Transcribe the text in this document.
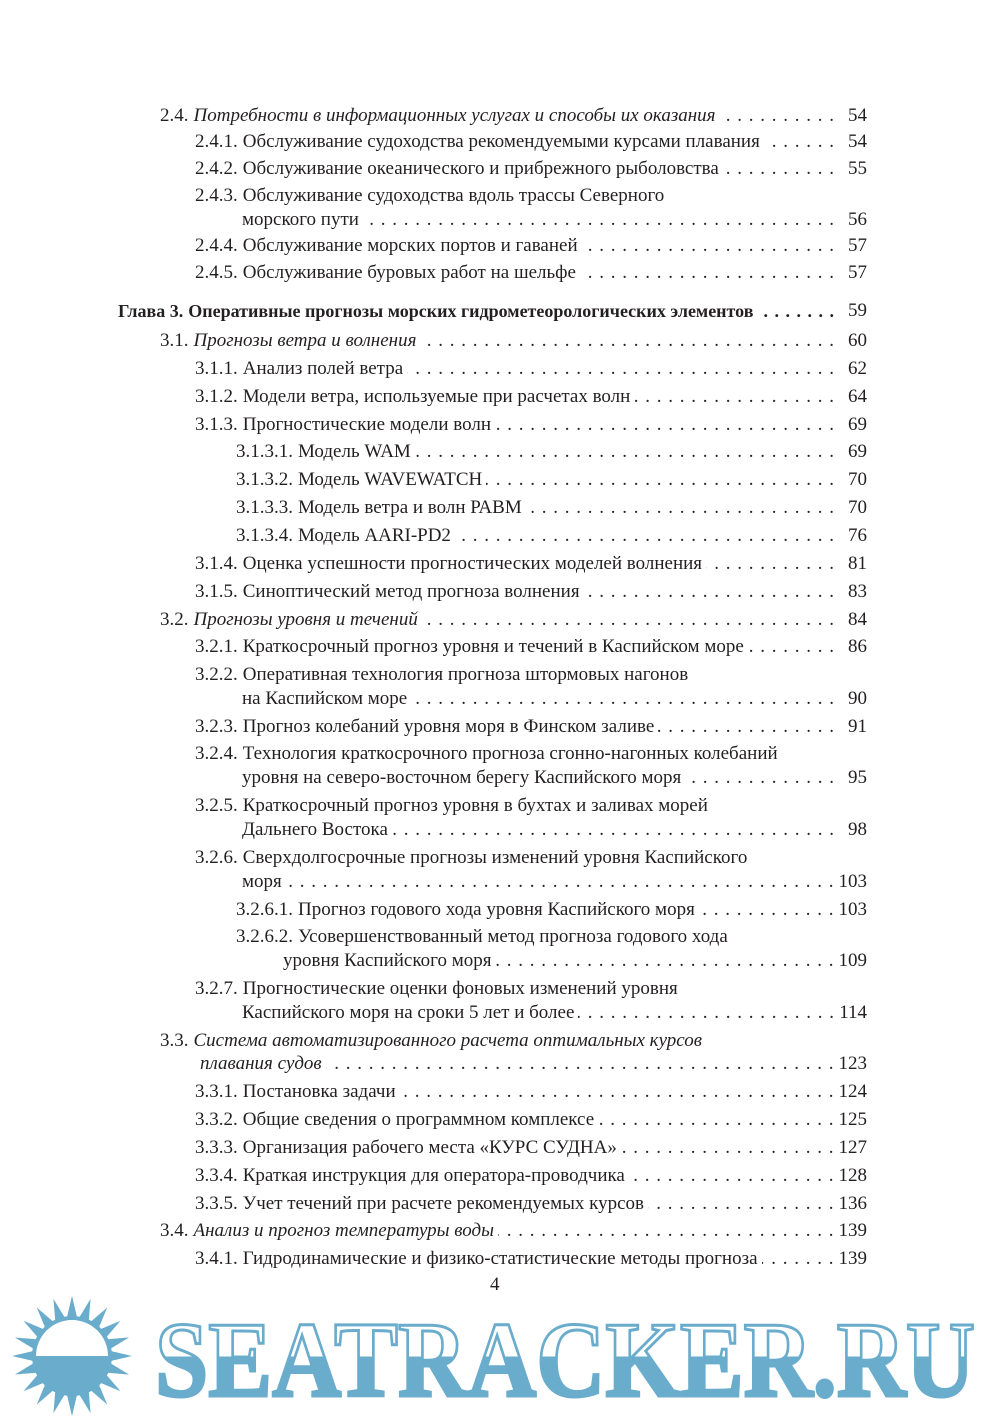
2.4. Потребности в информационных услугах и способы их оказания . . .	54
2.4.1. Обслуживание судоходства рекомендуемыми курсами плавания . . .	54
2.4.2. Обслуживание океанического и прибрежного рыболовства . . .	55
2.4.3. Обслуживание судоходства вдоль трассы Северного
морского пути . . .	56
2.4.4. Обслуживание морских портов и гаваней . . .	57
2.4.5. Обслуживание буровых работ на шельфе . . .	57
Глава 3. Оперативные прогнозы морских гидрометеорологических элементов . . .	59
3.1. Прогнозы ветра и волнения . . .	60
3.1.1. Анализ полей ветра . . .	62
3.1.2. Модели ветра, используемые при расчетах волн . . .	64
3.1.3. Прогностические модели волн . . .	69
3.1.3.1. Модель WAM . . .	69
3.1.3.2. Модель WAVEWATCH . . .	70
3.1.3.3. Модель ветра и волн РАВМ . . .	70
3.1.3.4. Модель AARI-PD2 . . .	76
3.1.4. Оценка успешности прогностических моделей волнения . . .	81
3.1.5. Синоптический метод прогноза волнения . . .	83
3.2. Прогнозы уровня и течений . . .	84
3.2.1. Краткосрочный прогноз уровня и течений в Каспийском море . . .	86
3.2.2. Оперативная технология прогноза штормовых нагонов
на Каспийском море . . .	90
3.2.3. Прогноз колебаний уровня моря в Финском заливе . . .	91
3.2.4. Технология краткосрочного прогноза сгонно-нагонных колебаний
уровня на северо-восточном берегу Каспийского моря . . .	95
3.2.5. Краткосрочный прогноз уровня в бухтах и заливах морей
Дальнего Востока . . .	98
3.2.6. Сверхдолгосрочные прогнозы изменений уровня Каспийского
моря . . .	103
3.2.6.1. Прогноз годового хода уровня Каспийского моря . . .	103
3.2.6.2. Усовершенствованный метод прогноза годового хода
уровня Каспийского моря . . .	109
3.2.7. Прогностические оценки фоновых изменений уровня
Каспийского моря на сроки 5 лет и более . . .	114
3.3. Система автоматизированного расчета оптимальных курсов
плавания судов . . .	123
3.3.1. Постановка задачи . . .	124
3.3.2. Общие сведения о программном комплексе . . .	125
3.3.3. Организация рабочего места «КУРС СУДНА» . . .	127
3.3.4. Краткая инструкция для оператора-проводчика . . .	128
3.3.5. Учет течений при расчете рекомендуемых курсов . . .	136
3.4. Анализ и прогноз температуры воды . . .	139
3.4.1. Гидродинамические и физико-статистические методы прогноза . . .	139
4
SEATRACKER.RU
